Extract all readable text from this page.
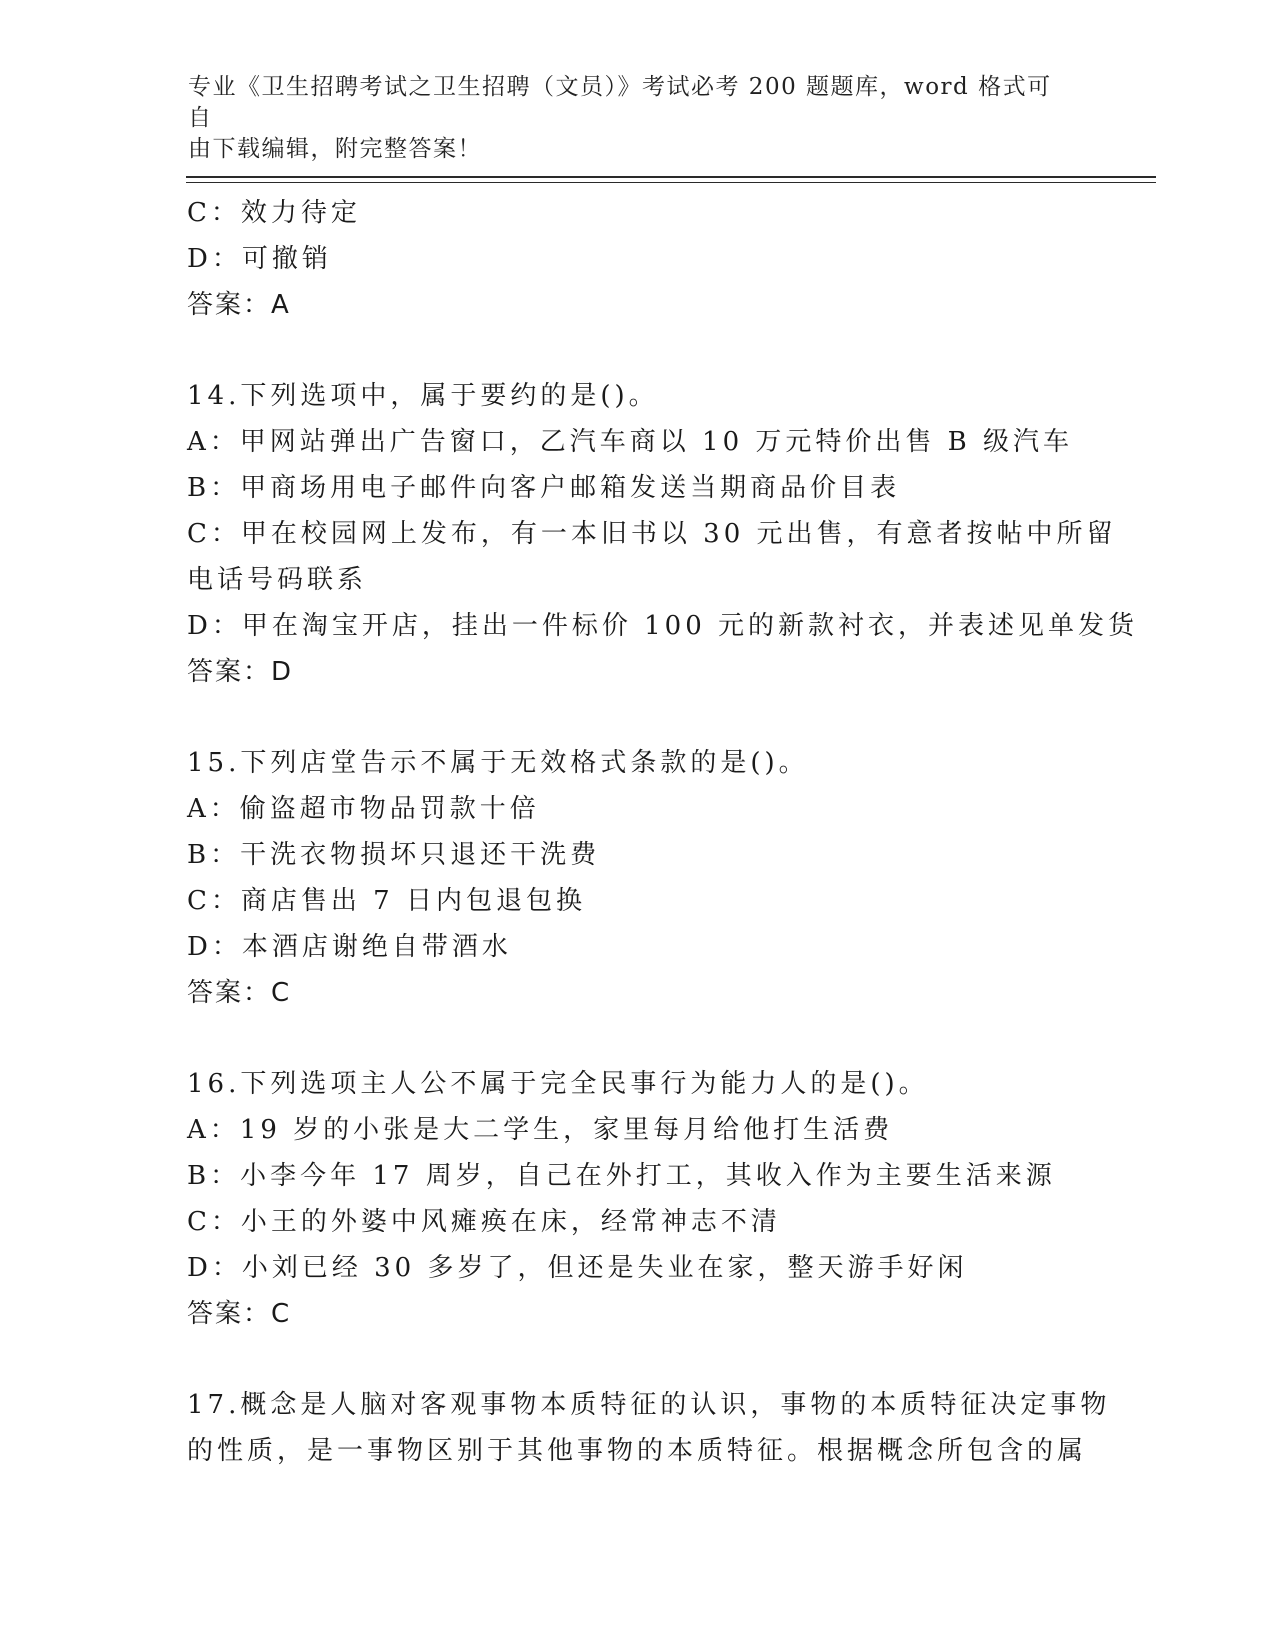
专业《卫生招聘考试之卫生招聘（文员）》考试必考 200 题题库，word 格式可自
由下载编辑，附完整答案！
C：效力待定
D：可撤销
答案：A
14.下列选项中，属于要约的是()。
A：甲网站弹出广告窗口，乙汽车商以 10 万元特价出售 B 级汽车
B：甲商场用电子邮件向客户邮箱发送当期商品价目表
C：甲在校园网上发布，有一本旧书以 30 元出售，有意者按帖中所留
电话号码联系
D：甲在淘宝开店，挂出一件标价 100 元的新款衬衣，并表述见单发货
答案：D
15.下列店堂告示不属于无效格式条款的是()。
A：偷盗超市物品罚款十倍
B：干洗衣物损坏只退还干洗费
C：商店售出 7 日内包退包换
D：本酒店谢绝自带酒水
答案：C
16.下列选项主人公不属于完全民事行为能力人的是()。
A：19 岁的小张是大二学生，家里每月给他打生活费
B：小李今年 17 周岁，自己在外打工，其收入作为主要生活来源
C：小王的外婆中风瘫痪在床，经常神志不清
D：小刘已经 30 多岁了，但还是失业在家，整天游手好闲
答案：C
17.概念是人脑对客观事物本质特征的认识，事物的本质特征决定事物
的性质，是一事物区别于其他事物的本质特征。根据概念所包含的属
